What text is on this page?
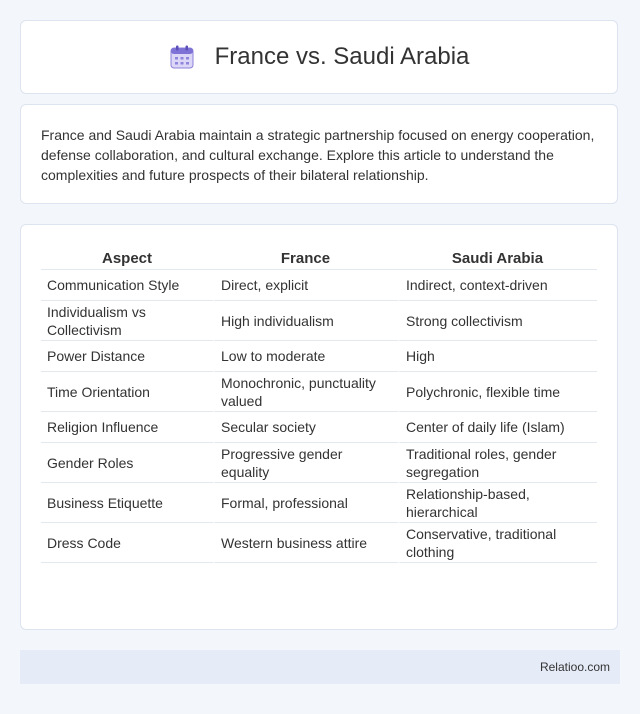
France vs. Saudi Arabia

France and Saudi Arabia maintain a strategic partnership focused on energy cooperation, defense collaboration, and cultural exchange. Explore this article to understand the complexities and future prospects of their bilateral relationship.

Aspect	France	Saudi Arabia
Communication Style	Direct, explicit	Indirect, context-driven
Individualism vs Collectivism	High individualism	Strong collectivism
Power Distance	Low to moderate	High
Time Orientation	Monochronic, punctuality valued	Polychronic, flexible time
Religion Influence	Secular society	Center of daily life (Islam)
Gender Roles	Progressive gender equality	Traditional roles, gender segregation
Business Etiquette	Formal, professional	Relationship-based, hierarchical
Dress Code	Western business attire	Conservative, traditional clothing
Relatioo.com
